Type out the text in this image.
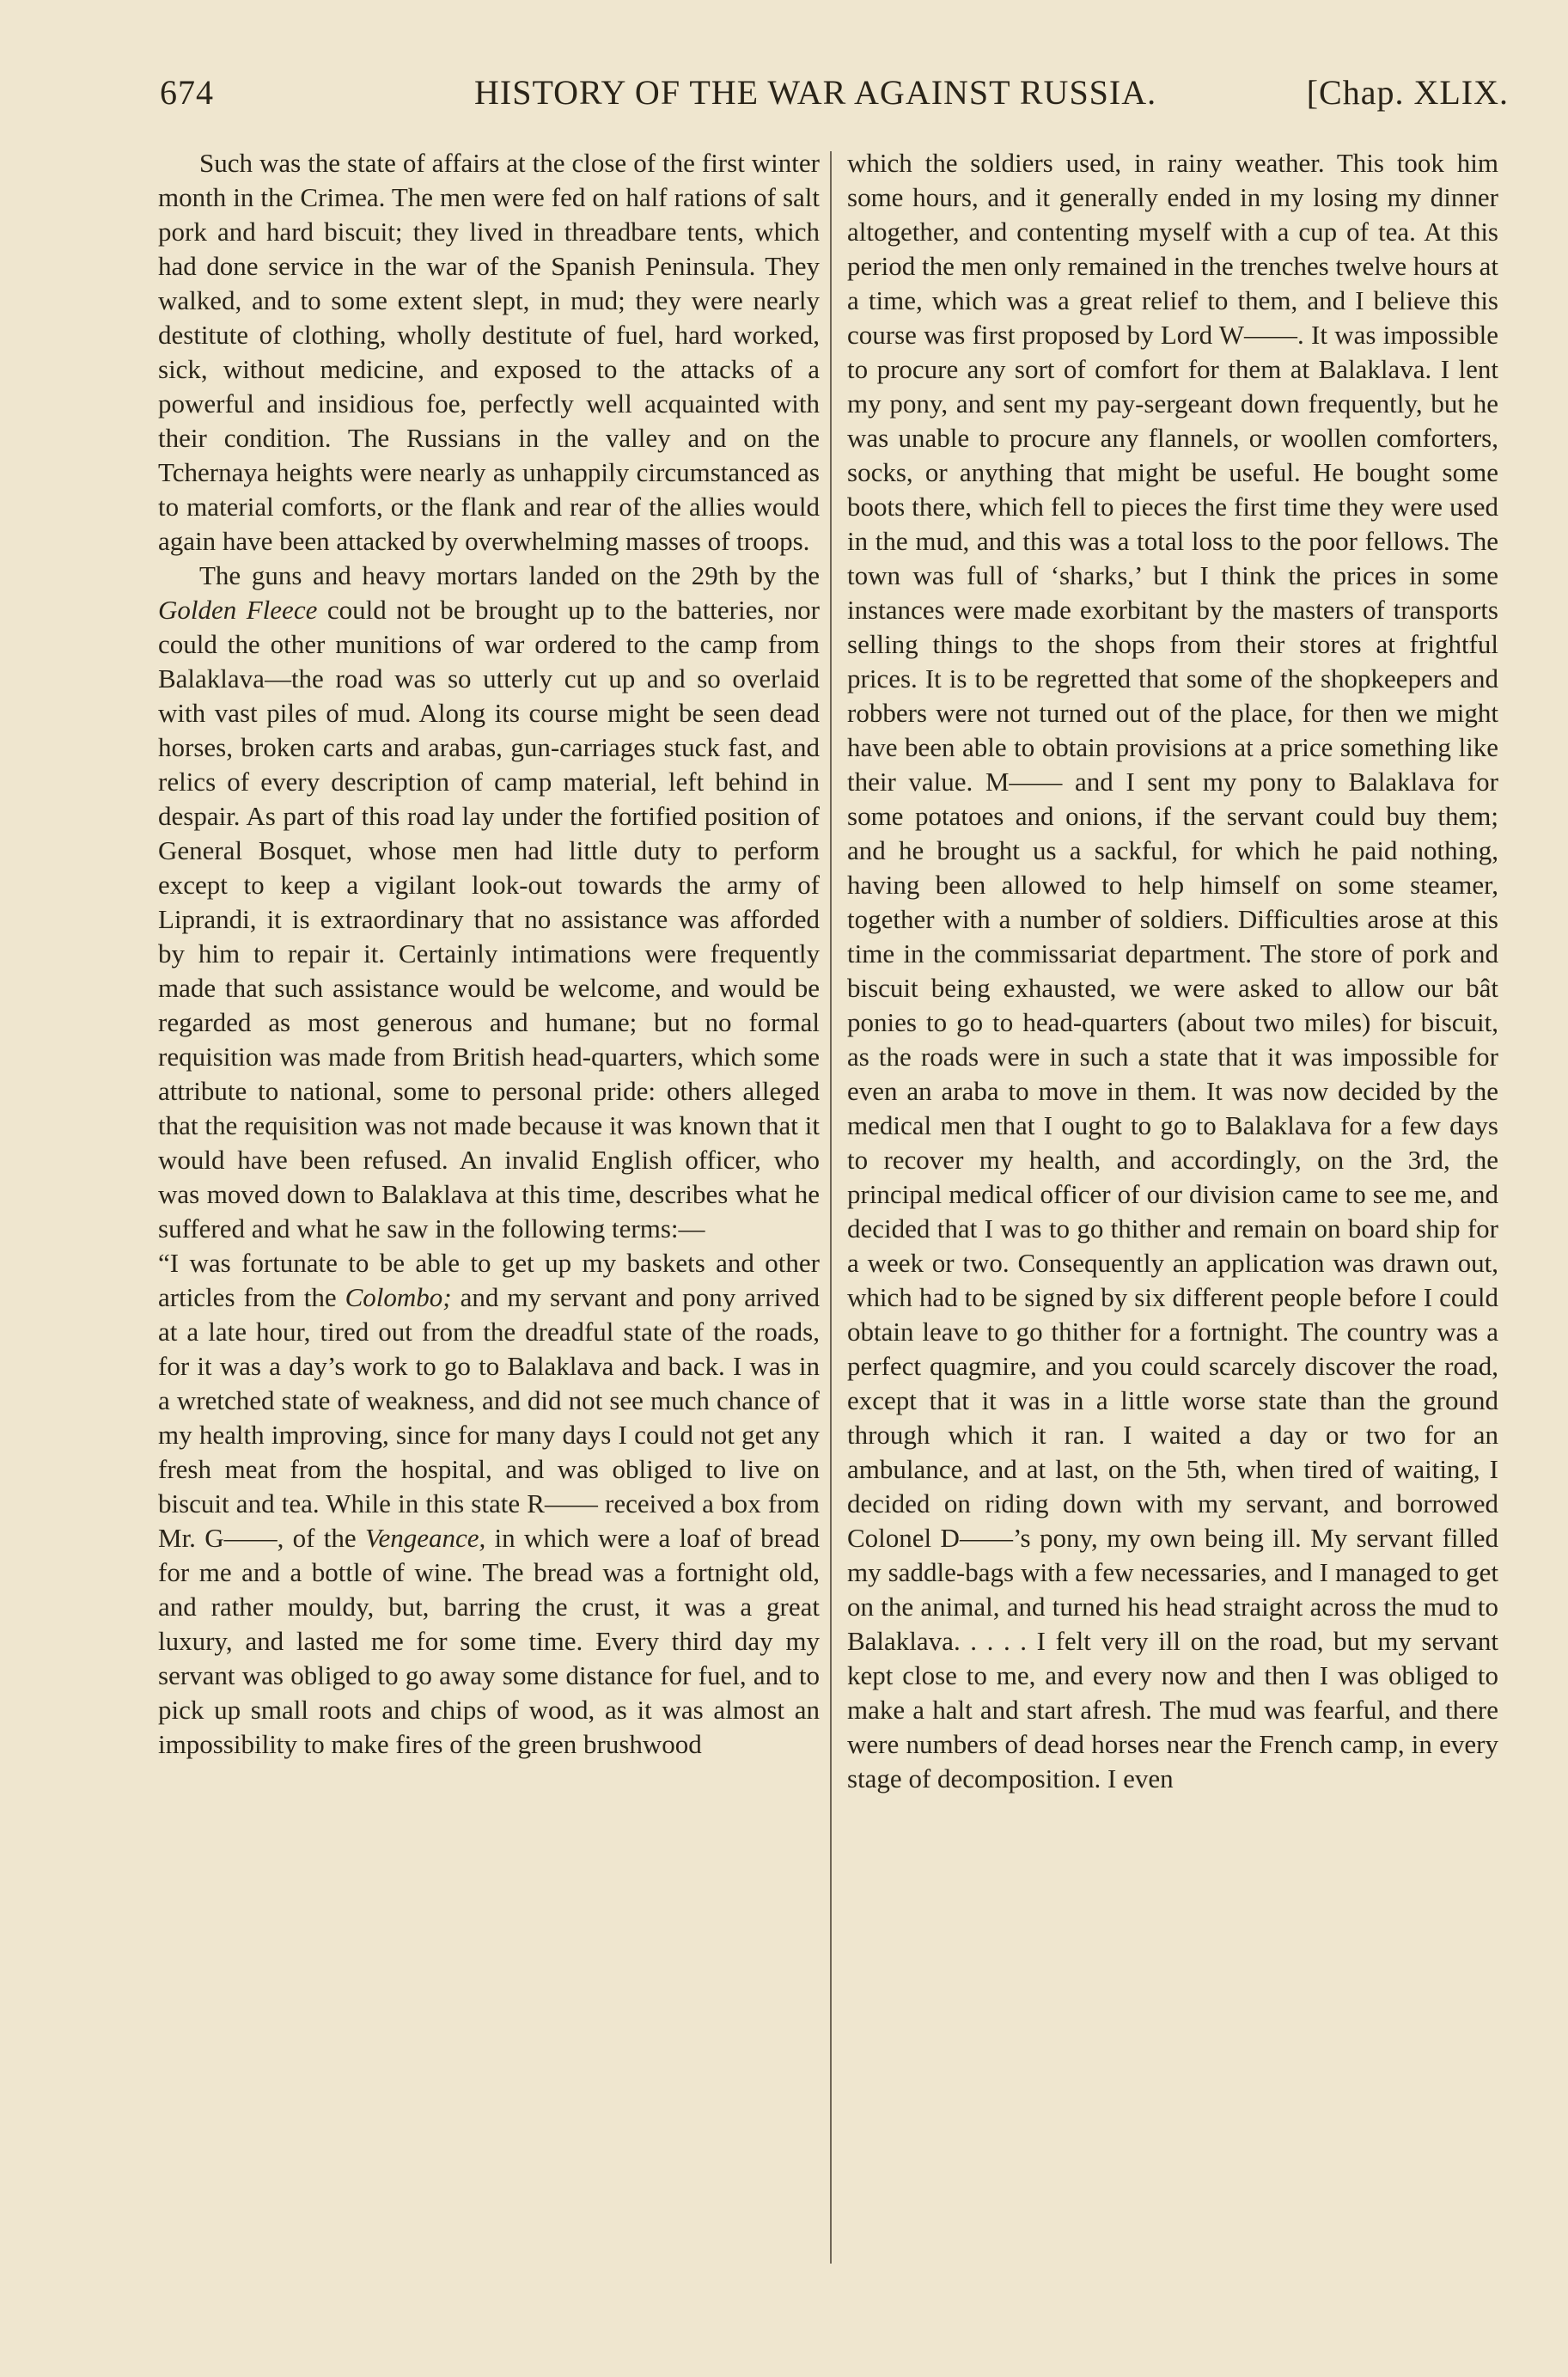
674	HISTORY OF THE WAR AGAINST RUSSIA.	[Chap. XLIX.

Such was the state of affairs at the close of the first winter month in the Crimea. The men were fed on half rations of salt pork and hard biscuit; they lived in threadbare tents, which had done service in the war of the Spanish Peninsula. They walked, and to some extent slept, in mud; they were nearly destitute of clothing, wholly destitute of fuel, hard worked, sick, without medicine, and exposed to the attacks of a powerful and insidious foe, perfectly well acquainted with their condition. The Russians in the valley and on the Tchernaya heights were nearly as unhappily circumstanced as to material comforts, or the flank and rear of the allies would again have been attacked by overwhelming masses of troops.

The guns and heavy mortars landed on the 29th by the Golden Fleece could not be brought up to the batteries, nor could the other munitions of war ordered to the camp from Balaklava—the road was so utterly cut up and so overlaid with vast piles of mud. Along its course might be seen dead horses, broken carts and arabas, gun-carriages stuck fast, and relics of every description of camp material, left behind in despair. As part of this road lay under the fortified position of General Bosquet, whose men had little duty to perform except to keep a vigilant look-out towards the army of Liprandi, it is extraordinary that no assistance was afforded by him to repair it. Certainly intimations were frequently made that such assistance would be welcome, and would be regarded as most generous and humane; but no formal requisition was made from British head-quarters, which some attribute to national, some to personal pride: others alleged that the requisition was not made because it was known that it would have been refused. An invalid English officer, who was moved down to Balaklava at this time, describes what he suffered and what he saw in the following terms:—

“I was fortunate to be able to get up my baskets and other articles from the Colombo; and my servant and pony arrived at a late hour, tired out from the dreadful state of the roads, for it was a day’s work to go to Balaklava and back. I was in a wretched state of weakness, and did not see much chance of my health improving, since for many days I could not get any fresh meat from the hospital, and was obliged to live on biscuit and tea. While in this state R—— received a box from Mr. G——, of the Vengeance, in which were a loaf of bread for me and a bottle of wine. The bread was a fortnight old, and rather mouldy, but, barring the crust, it was a great luxury, and lasted me for some time. Every third day my servant was obliged to go away some distance for fuel, and to pick up small roots and chips of wood, as it was almost an impossibility to make fires of the green brushwood

which the soldiers used, in rainy weather. This took him some hours, and it generally ended in my losing my dinner altogether, and contenting myself with a cup of tea. At this period the men only remained in the trenches twelve hours at a time, which was a great relief to them, and I believe this course was first proposed by Lord W——. It was impossible to procure any sort of comfort for them at Balaklava. I lent my pony, and sent my pay-sergeant down frequently, but he was unable to procure any flannels, or woollen comforters, socks, or anything that might be useful. He bought some boots there, which fell to pieces the first time they were used in the mud, and this was a total loss to the poor fellows. The town was full of ‘sharks,’ but I think the prices in some instances were made exorbitant by the masters of transports selling things to the shops from their stores at frightful prices. It is to be regretted that some of the shopkeepers and robbers were not turned out of the place, for then we might have been able to obtain provisions at a price something like their value. M—— and I sent my pony to Balaklava for some potatoes and onions, if the servant could buy them; and he brought us a sackful, for which he paid nothing, having been allowed to help himself on some steamer, together with a number of soldiers. Difficulties arose at this time in the commissariat department. The store of pork and biscuit being exhausted, we were asked to allow our bât ponies to go to head-quarters (about two miles) for biscuit, as the roads were in such a state that it was impossible for even an araba to move in them. It was now decided by the medical men that I ought to go to Balaklava for a few days to recover my health, and accordingly, on the 3rd, the principal medical officer of our division came to see me, and decided that I was to go thither and remain on board ship for a week or two. Consequently an application was drawn out, which had to be signed by six different people before I could obtain leave to go thither for a fortnight. The country was a perfect quagmire, and you could scarcely discover the road, except that it was in a little worse state than the ground through which it ran. I waited a day or two for an ambulance, and at last, on the 5th, when tired of waiting, I decided on riding down with my servant, and borrowed Colonel D——’s pony, my own being ill. My servant filled my saddle-bags with a few necessaries, and I managed to get on the animal, and turned his head straight across the mud to Balaklava. . . . . I felt very ill on the road, but my servant kept close to me, and every now and then I was obliged to make a halt and start afresh. The mud was fearful, and there were numbers of dead horses near the French camp, in every stage of decomposition. I even
